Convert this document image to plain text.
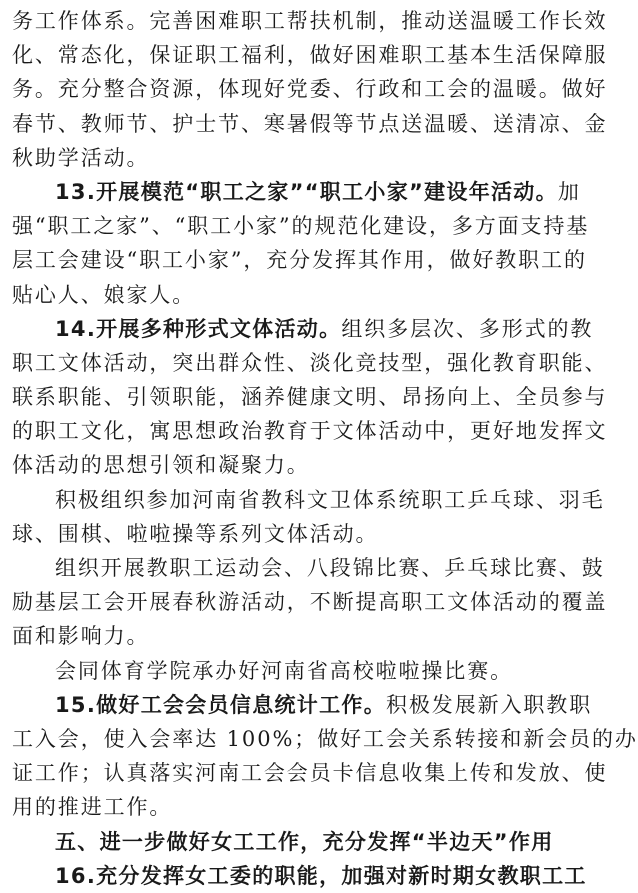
务工作体系。完善困难职工帮扶机制，推动送温暖工作长效
化、常态化，保证职工福利，做好困难职工基本生活保障服
务。充分整合资源，体现好党委、行政和工会的温暖。做好
春节、教师节、护士节、寒暑假等节点送温暖、送清凉、金
秋助学活动。
13.开展模范“职工之家”“职工小家”建设年活动。加
强“职工之家”、“职工小家”的规范化建设，多方面支持基
层工会建设“职工小家”，充分发挥其作用，做好教职工的
贴心人、娘家人。
14.开展多种形式文体活动。组织多层次、多形式的教
职工文体活动，突出群众性、淡化竞技型，强化教育职能、
联系职能、引领职能，涵养健康文明、昂扬向上、全员参与
的职工文化，寓思想政治教育于文体活动中，更好地发挥文
体活动的思想引领和凝聚力。
积极组织参加河南省教科文卫体系统职工乒乓球、羽毛
球、围棋、啦啦操等系列文体活动。
组织开展教职工运动会、八段锦比赛、乒乓球比赛、鼓
励基层工会开展春秋游活动，不断提高职工文体活动的覆盖
面和影响力。
会同体育学院承办好河南省高校啦啦操比赛。
15.做好工会会员信息统计工作。积极发展新入职教职
工入会，使入会率达 100%；做好工会关系转接和新会员的办
证工作；认真落实河南工会会员卡信息收集上传和发放、使
用的推进工作。
五、进一步做好女工工作，充分发挥“半边天”作用
16.充分发挥女工委的职能，加强对新时期女教职工工
